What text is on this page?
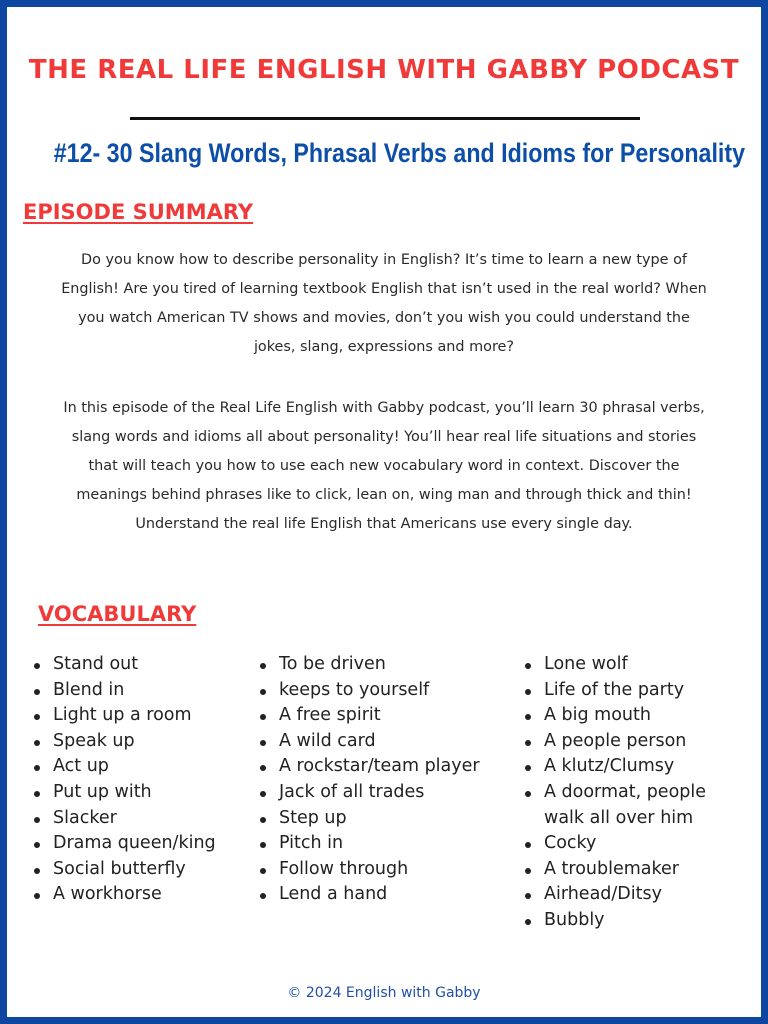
THE REAL LIFE ENGLISH WITH GABBY PODCAST
#12- 30 Slang Words, Phrasal Verbs and Idioms for Personality
EPISODE SUMMARY
Do you know how to describe personality in English? It’s time to learn a new type of
English! Are you tired of learning textbook English that isn’t used in the real world? When
you watch American TV shows and movies, don’t you wish you could understand the
jokes, slang, expressions and more?
In this episode of the Real Life English with Gabby podcast, you’ll learn 30 phrasal verbs,
slang words and idioms all about personality! You’ll hear real life situations and stories
that will teach you how to use each new vocabulary word in context. Discover the
meanings behind phrases like to click, lean on, wing man and through thick and thin!
Understand the real life English that Americans use every single day.
VOCABULARY
Stand out
Blend in
Light up a room
Speak up
Act up
Put up with
Slacker
Drama queen/king
Social butterfly
A workhorse
To be driven
keeps to yourself
A free spirit
A wild card
A rockstar/team player
Jack of all trades
Step up
Pitch in
Follow through
Lend a hand
Lone wolf
Life of the party
A big mouth
A people person
A klutz/Clumsy
A doormat, people walk all over him
Cocky
A troublemaker
Airhead/Ditsy
Bubbly
© 2024 English with Gabby
